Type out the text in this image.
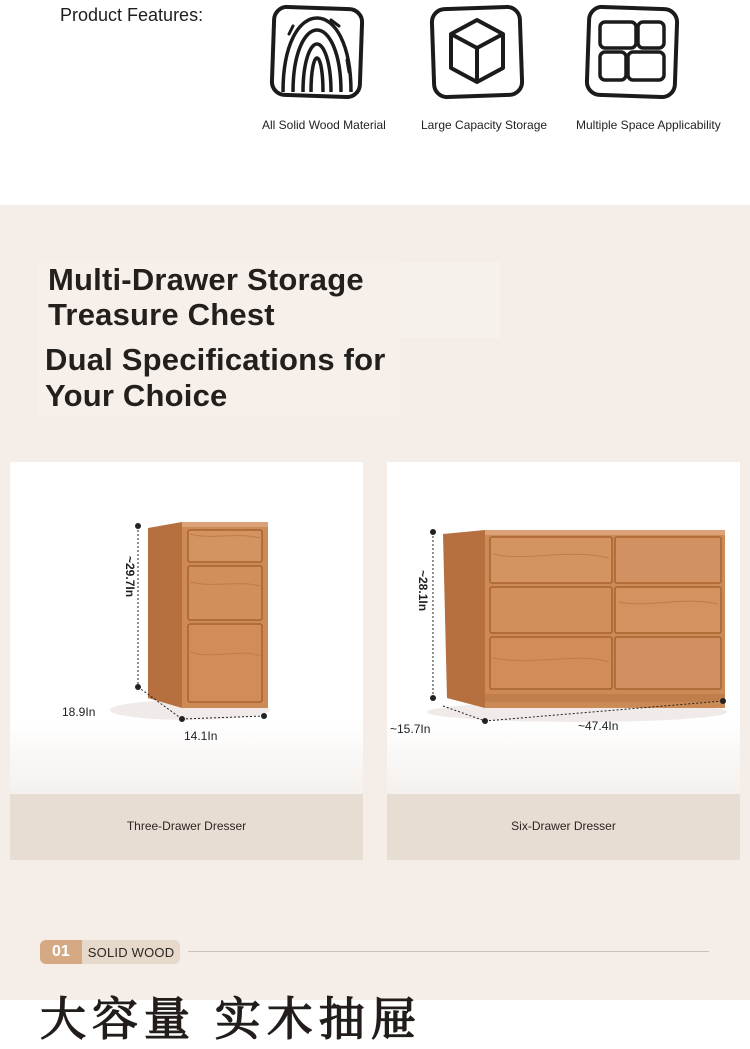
Product Features:
All Solid Wood Material	Large Capacity Storage Multiple Space Applicability
Multi-Drawer Storage
Treasure Chest
Dual Specifications for
Your Choice
Three-Drawer Dresser
18.9In
14.1In
~29.7In
Six-Drawer Dresser
~28.1In
~15.7In	~47.4In
01	SOLID WOOD
大容量 实木抽屉
